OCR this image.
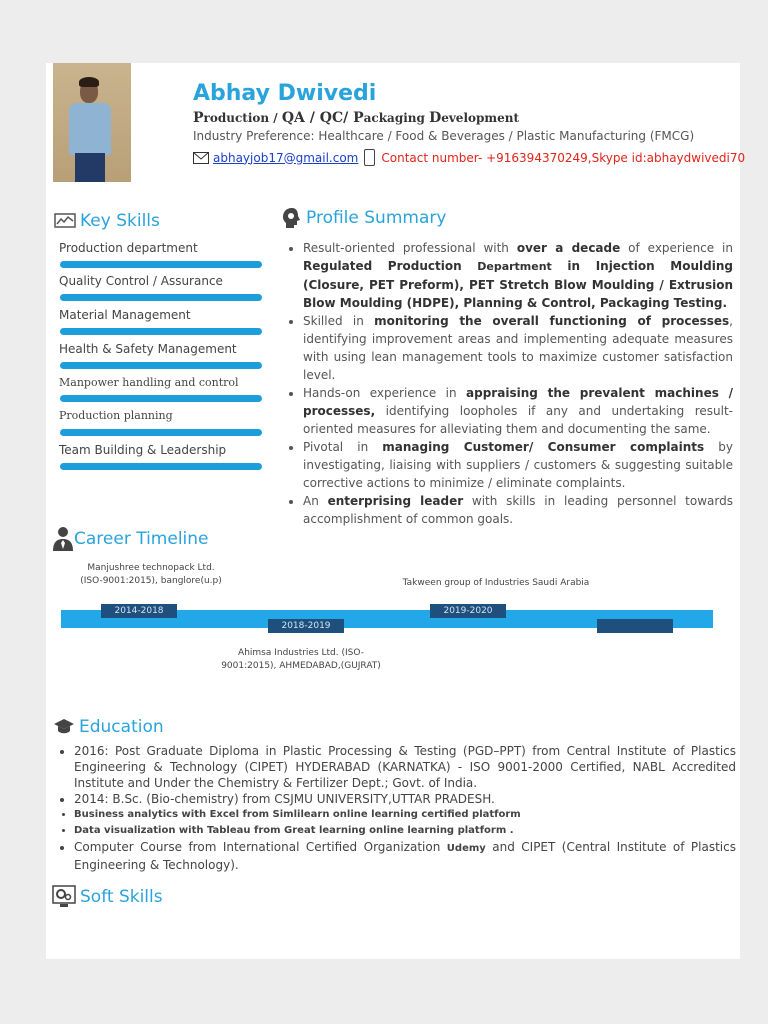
Abhay Dwivedi
Production / QA / QC/ Packaging Development
Industry Preference: Healthcare / Food & Beverages / Plastic Manufacturing (FMCG)
abhayjob17@gmail.com Contact number- +916394370249,Skype id:abhaydwivedi70
Key Skills
Production department
Quality Control / Assurance
Material Management
Health & Safety Management
Manpower handling and control
Production planning
Team Building & Leadership
Profile Summary
• Result-oriented professional with over a decade of experience in Regulated Production Department in Injection Moulding (Closure, PET Preform), PET Stretch Blow Moulding / Extrusion Blow Moulding (HDPE), Planning & Control, Packaging Testing.
• Skilled in monitoring the overall functioning of processes, identifying improvement areas and implementing adequate measures with using lean management tools to maximize customer satisfaction level.
• Hands-on experience in appraising the prevalent machines / processes, identifying loopholes if any and undertaking result-oriented measures for alleviating them and documenting the same.
• Pivotal in managing Customer/ Consumer complaints by investigating, liaising with suppliers / customers & suggesting suitable corrective actions to minimize / eliminate complaints.
• An enterprising leader with skills in leading personnel towards accomplishment of common goals.
Career Timeline
Manjushree technopack Ltd. (ISO-9001:2015), banglore(u.p)	Takween group of Industries Saudi Arabia
2014-2018
2018-2019
2019-2020
Ahimsa Industries Ltd. (ISO-9001:2015), AHMEDABAD,(GUJRAT)
Education
• 2016: Post Graduate Diploma in Plastic Processing & Testing (PGD–PPT) from Central Institute of Plastics Engineering & Technology (CIPET) HYDERABAD (KARNATKA) - ISO 9001-2000 Certified, NABL Accredited Institute and Under the Chemistry & Fertilizer Dept.; Govt. of India.
• 2014: B.Sc. (Bio-chemistry) from CSJMU UNIVERSITY,UTTAR PRADESH.
• Business analytics with Excel from Simlilearn online learning certified platform
• Data visualization with Tableau from Great learning online learning platform .
• Computer Course from International Certified Organization Udemy and CIPET (Central Institute of Plastics Engineering & Technology).
Soft Skills
